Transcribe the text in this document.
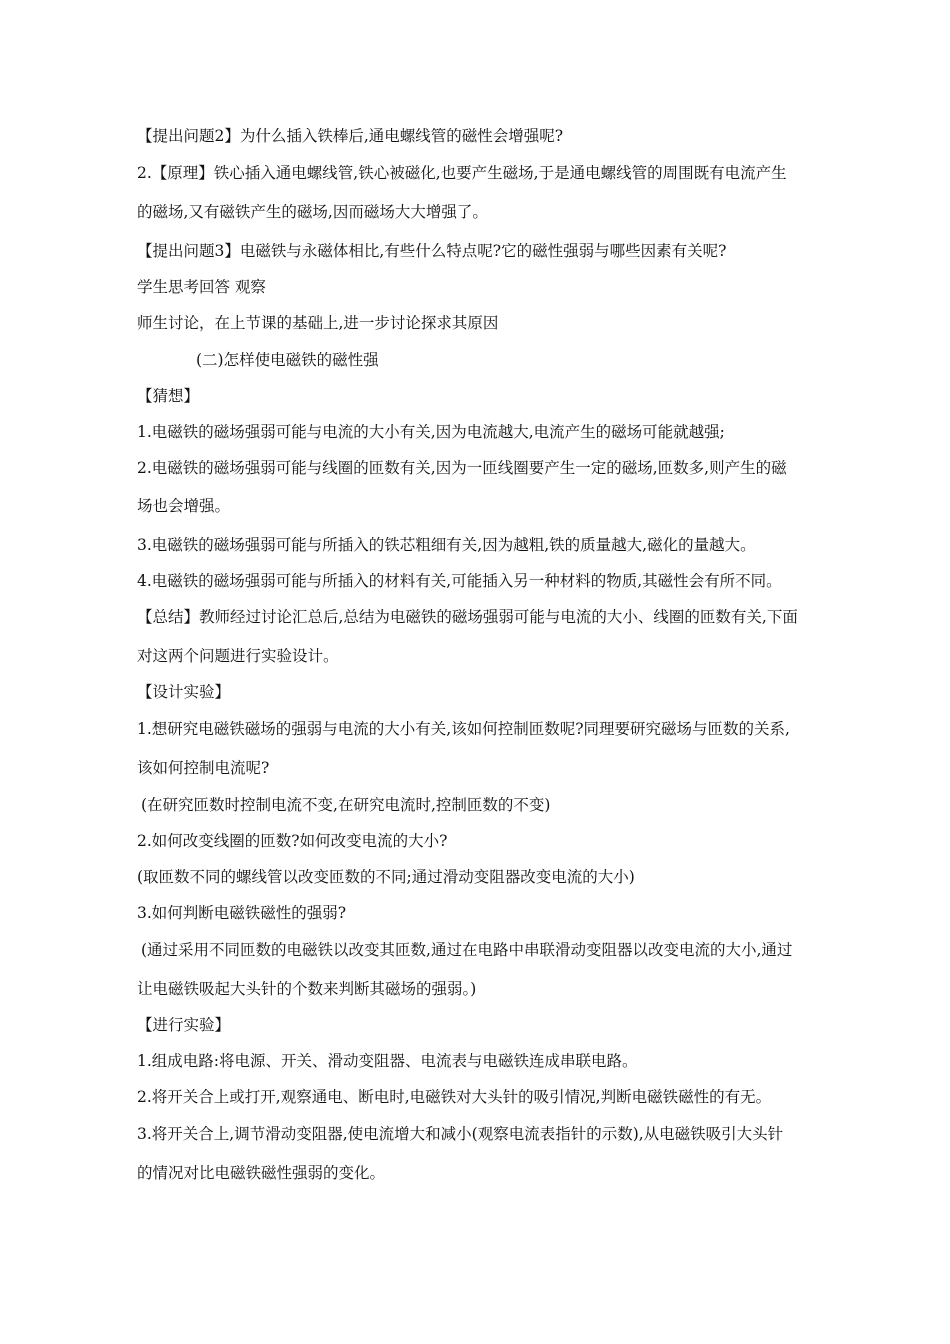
【提出问题2】为什么插入铁棒后,通电螺线管的磁性会增强呢?
2.【原理】铁心插入通电螺线管,铁心被磁化,也要产生磁场,于是通电螺线管的周围既有电流产生
的磁场,又有磁铁产生的磁场,因而磁场大大增强了。
【提出问题3】电磁铁与永磁体相比,有些什么特点呢?它的磁性强弱与哪些因素有关呢?
学生思考回答 观察
师生讨论，在上节课的基础上,进一步讨论探求其原因
(二)怎样使电磁铁的磁性强
【猜想】
1.电磁铁的磁场强弱可能与电流的大小有关,因为电流越大,电流产生的磁场可能就越强;
2.电磁铁的磁场强弱可能与线圈的匝数有关,因为一匝线圈要产生一定的磁场,匝数多,则产生的磁
场也会增强。
3.电磁铁的磁场强弱可能与所插入的铁芯粗细有关,因为越粗,铁的质量越大,磁化的量越大。
4.电磁铁的磁场强弱可能与所插入的材料有关,可能插入另一种材料的物质,其磁性会有所不同。
【总结】教师经过讨论汇总后,总结为电磁铁的磁场强弱可能与电流的大小、线圈的匝数有关,下面
对这两个问题进行实验设计。
【设计实验】
1.想研究电磁铁磁场的强弱与电流的大小有关,该如何控制匝数呢?同理要研究磁场与匝数的关系,
该如何控制电流呢?
(在研究匝数时控制电流不变,在研究电流时,控制匝数的不变)
2.如何改变线圈的匝数?如何改变电流的大小?
(取匝数不同的螺线管以改变匝数的不同;通过滑动变阻器改变电流的大小)
3.如何判断电磁铁磁性的强弱?
(通过采用不同匝数的电磁铁以改变其匝数,通过在电路中串联滑动变阻器以改变电流的大小,通过
让电磁铁吸起大头针的个数来判断其磁场的强弱。)
【进行实验】
1.组成电路:将电源、开关、滑动变阻器、电流表与电磁铁连成串联电路。
2.将开关合上或打开,观察通电、断电时,电磁铁对大头针的吸引情况,判断电磁铁磁性的有无。
3.将开关合上,调节滑动变阻器,使电流增大和减小(观察电流表指针的示数),从电磁铁吸引大头针
的情况对比电磁铁磁性强弱的变化。
